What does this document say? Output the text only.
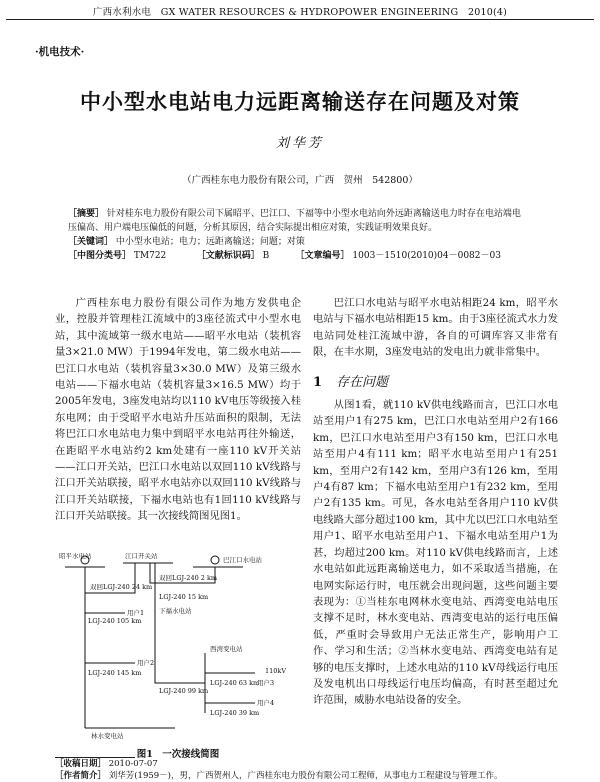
广西水利水电　GX WATER RESOURCES & HYDROPOWER ENGINEERING　2010(4)
·机电技术·
中小型水电站电力远距离输送存在问题及对策
刘华芳
（广西桂东电力股份有限公司，广西　贺州　542800）
［摘要］ 针对桂东电力股份有限公司下属昭平、巴江口、下福等中小型水电站向外远距离输送电力时存在电站端电压偏高、用户端电压偏低的问题，分析其原因，结合实际提出相应对策，实践证明效果良好。
［关键词］ 中小型水电站；电力；远距离输送；问题；对策
［中图分类号］ TM722	［文献标识码］ B	［文章编号］ 1003－1510(2010)04－0082－03

广西桂东电力股份有限公司作为地方发供电企业，控股并管理桂江流域中的3座径流式中小型水电站，其中流域第一级水电站——昭平水电站（装机容量3×21.0 MW）于1994年发电，第二级水电站——巴江口水电站（装机容量3×30.0 MW）及第三级水电站——下福水电站（装机容量3×16.5 MW）均于2005年发电，3座发电站均以110 kV电压等级接入桂东电网；由于受昭平水电站升压站面积的限制，无法将巴江口水电站电力集中到昭平水电站再往外输送，在距昭平水电站约2 km处建有一座110 kV开关站——江口开关站，巴江口水电站以双回110 kV线路与江口开关站联接，昭平水电站亦以双回110 kV线路与江口开关站联接，下福水电站也有1回110 kV线路与江口开关站联接。其一次接线简图见图1。

巴江口水电站与昭平水电站相距24 km，昭平水电站与下福水电站相距15 km。由于3座径流式水力发电站同处桂江流域中游，各自的可调库容又非常有限，在丰水期，3座发电站的发电出力就非常集中。

1 存在问题

从图1看，就110 kV供电线路而言，巴江口水电站至用户1有275 km，巴江口水电站至用户2有166 km，巴江口水电站至用户3有150 km，巴江口水电站至用户4有111 km；昭平水电站至用户1有251 km，至用户2有142 km，至用户3有126 km，至用户4有87 km；下福水电站至用户1有232 km，至用户2有135 km。可见，各水电站至各用户110 kV供电线路大部分超过100 km，其中尤以巴江口水电站至用户1、昭平水电站至用户1、下福水电站至用户1为甚，均超过200 km。对110 kV供电线路而言，上述水电站如此远距离输送电力，如不采取适当措施，在电网实际运行时，电压就会出现问题，这些问题主要表现为：①当桂东电网林水变电站、西湾变电站电压支撑不足时，林水变电站、西湾变电站的运行电压偏低，严重时会导致用户无法正常生产，影响用户工作、学习和生活；②当林水变电站、西湾变电站有足够的电压支撑时，上述水电站的110 kV母线运行电压及发电机出口母线运行电压均偏高，有时甚至超过允许范围，威胁水电站设备的安全。

昭平水电站	江口开关站	巴江口水电站
下福水电站
林水变电站
西湾变电站
110kV
双回LGJ-240 24 km
双回LGJ-240 2 km
LGJ-240 15 km
LGJ-240 105 km
LGJ-240 145 km
LGJ-240 99 km
LGJ-240 63 km
LGJ-240 39 km
用户1
用户2
用户3
用户4
图1　一次接线简图
［收稿日期］ 2010-07-07
［作者简介］ 刘华芳(1959－)，男，广西贺州人，广西桂东电力股份有限公司工程师，从事电力工程建设与管理工作。
